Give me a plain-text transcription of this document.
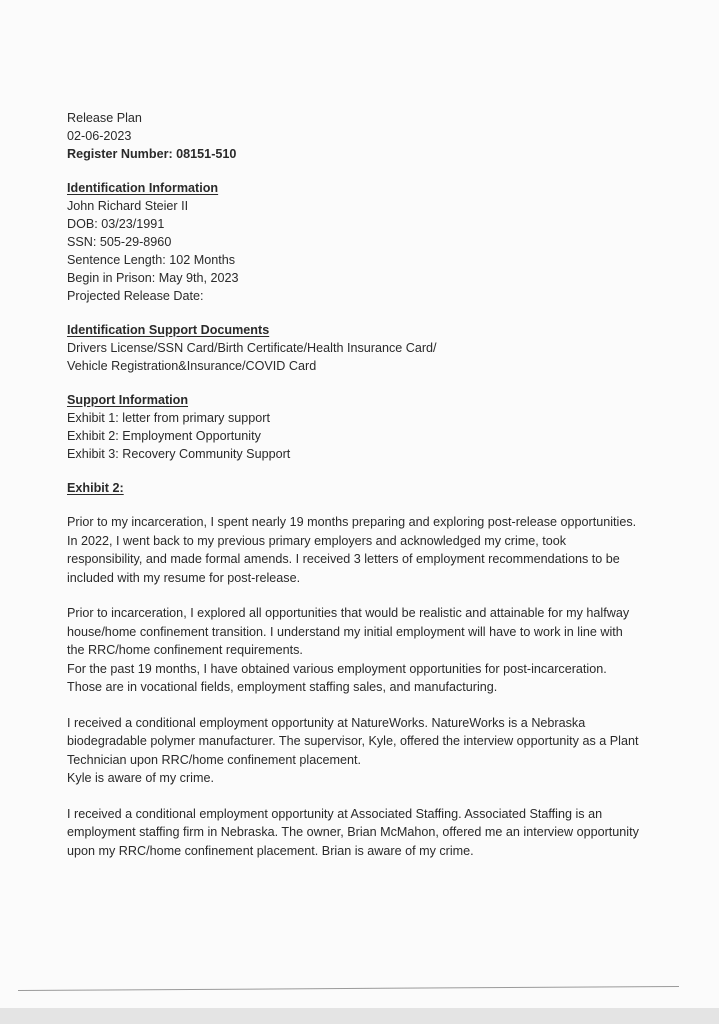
Release Plan
02-06-2023
Register Number: 08151-510
Identification Information
John Richard Steier II
DOB: 03/23/1991
SSN: 505-29-8960
Sentence Length: 102 Months
Begin in Prison: May 9th, 2023
Projected Release Date:
Identification Support Documents
Drivers License/SSN Card/Birth Certificate/Health Insurance Card/
Vehicle Registration&Insurance/COVID Card
Support Information
Exhibit 1: letter from primary support
Exhibit 2: Employment Opportunity
Exhibit 3: Recovery Community Support
Exhibit 2:
Prior to my incarceration, I spent nearly 19 months preparing and exploring post-release opportunities. In 2022, I went back to my previous primary employers and acknowledged my crime, took responsibility, and made formal amends. I received 3 letters of employment recommendations to be included with my resume for post-release.
Prior to incarceration, I explored all opportunities that would be realistic and attainable for my halfway house/home confinement transition. I understand my initial employment will have to work in line with the RRC/home confinement requirements.
For the past 19 months, I have obtained various employment opportunities for post-incarceration. Those are in vocational fields, employment staffing sales, and manufacturing.
I received a conditional employment opportunity at NatureWorks. NatureWorks is a Nebraska biodegradable polymer manufacturer. The supervisor, Kyle, offered the interview opportunity as a Plant Technician upon RRC/home confinement placement.
Kyle is aware of my crime.
I received a conditional employment opportunity at Associated Staffing. Associated Staffing is an employment staffing firm in Nebraska. The owner, Brian McMahon, offered me an interview opportunity upon my RRC/home confinement placement. Brian is aware of my crime.
